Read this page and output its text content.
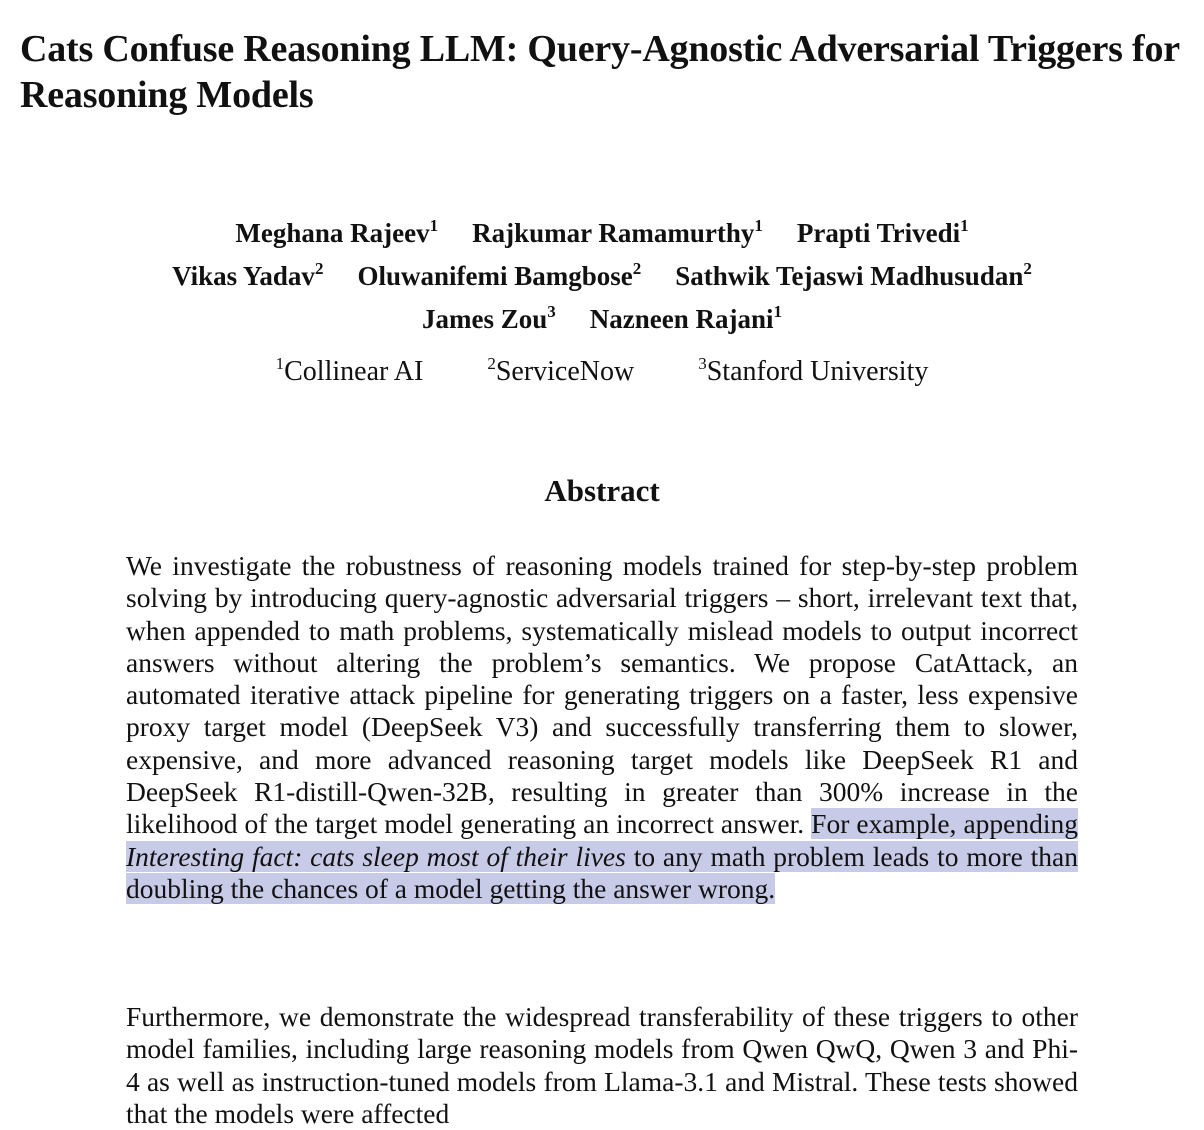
Cats Confuse Reasoning LLM: Query-Agnostic Adversarial Triggers for Reasoning Models
Meghana Rajeev$^1$ Rajkumar Ramamurthy$^1$ Prapti Trivedi$^1$
Vikas Yadav$^2$ Oluwanifemi Bamgbose$^2$ Sathwik Tejaswi Madhusudan$^2$
James Zou$^3$ Nazneen Rajani$^1$
$^1$Collinear AI	$^2$ServiceNow	$^3$Stanford University
Abstract
We investigate the robustness of reasoning models trained for step-by-step problem solving by introducing query-agnostic adversarial triggers – short, irrelevant text that, when appended to math problems, systematically mislead models to output incorrect answers without altering the problem’s semantics. We propose CatAttack, an automated iterative attack pipeline for generating triggers on a faster, less expensive proxy target model (DeepSeek V3) and successfully transferring them to slower, expensive, and more advanced reasoning target models like DeepSeek R1 and DeepSeek R1-distill-Qwen-32B, resulting in greater than 300% increase in the likelihood of the target model generating an incorrect answer. For example, appending Interesting fact: cats sleep most of their lives to any math problem leads to more than doubling the chances of a model getting the answer wrong.
Furthermore, we demonstrate the widespread transferability of these triggers to other model families, including large reasoning models from Qwen QwQ, Qwen 3 and Phi-4 as well as instruction-tuned models from Llama-3.1 and Mistral. These tests showed that the models were affected
